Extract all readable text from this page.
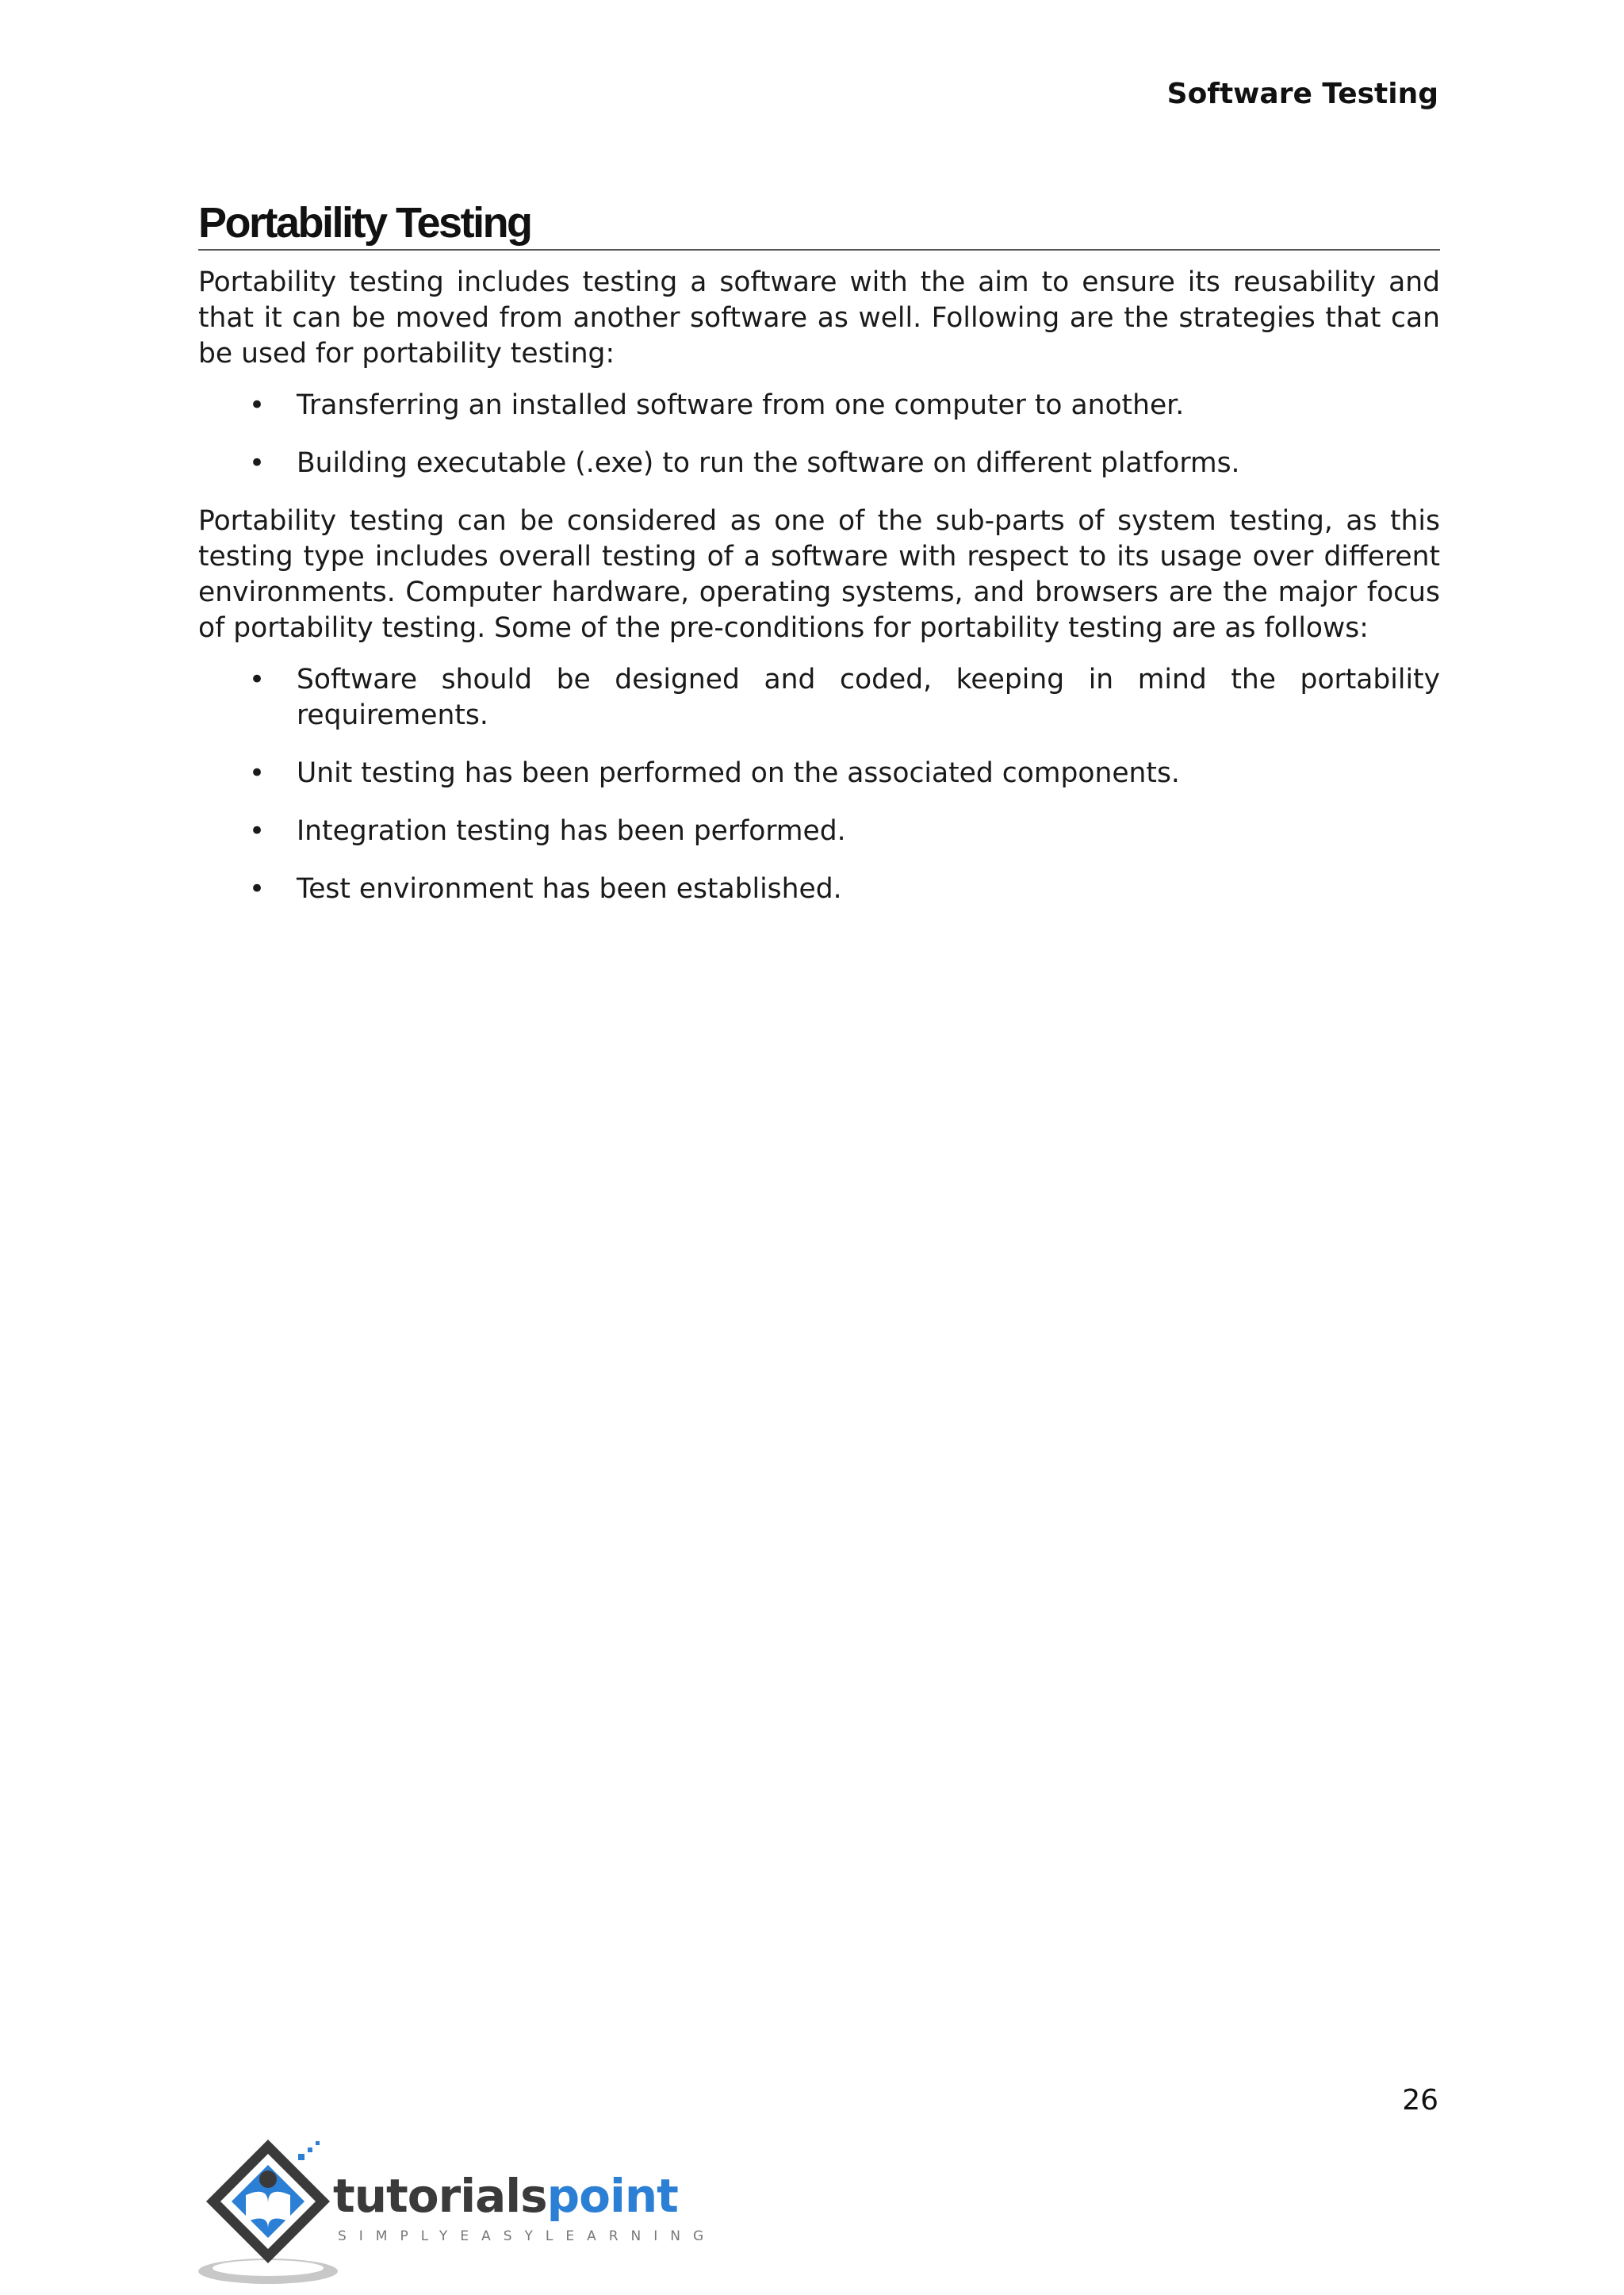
Software Testing
Portability Testing

Portability testing includes testing a software with the aim to ensure its reusability and that it can be moved from another software as well. Following are the strategies that can be used for portability testing:

• Transferring an installed software from one computer to another.
• Building executable (.exe) to run the software on different platforms.

Portability testing can be considered as one of the sub-parts of system testing, as this testing type includes overall testing of a software with respect to its usage over different environments. Computer hardware, operating systems, and browsers are the major focus of portability testing. Some of the pre-conditions for portability testing are as follows:

• Software should be designed and coded, keeping in mind the portability requirements.
• Unit testing has been performed on the associated components.
• Integration testing has been performed.
• Test environment has been established.
26
tutorialspoint
SIMPLYEASYLEARNING
